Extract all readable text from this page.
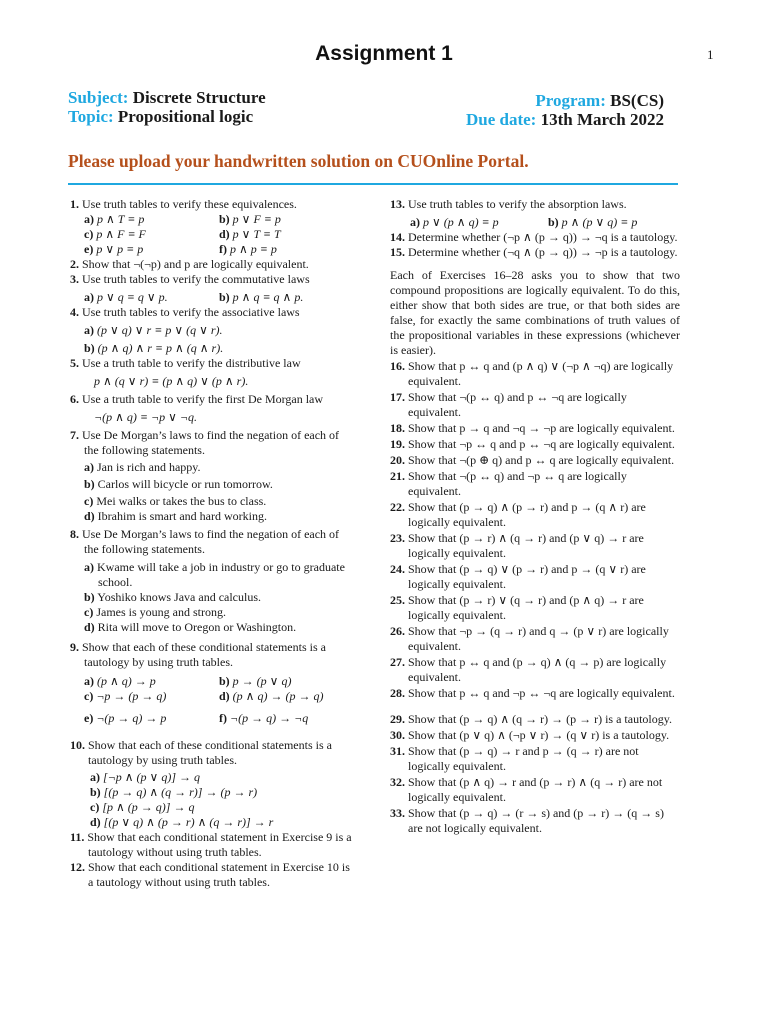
Assignment 1	1
Subject: Discrete Structure
Topic: Propositional logic
Program: BS(CS)
Due date: 13th March 2022
Please upload your handwritten solution on CUOnline Portal.
1. Use truth tables to verify these equivalences.
a) p ∧ T ≡ p	b) p ∨ F ≡ p
c) p ∧ F ≡ F	d) p ∨ T ≡ T
e) p ∨ p ≡ p	f) p ∧ p ≡ p
2. Show that ¬(¬p) and p are logically equivalent.
3. Use truth tables to verify the commutative laws
a) p ∨ q ≡ q ∨ p.	b) p ∧ q ≡ q ∧ p.
4. Use truth tables to verify the associative laws
a) (p ∨ q) ∨ r ≡ p ∨ (q ∨ r).
b) (p ∧ q) ∧ r ≡ p ∧ (q ∧ r).
5. Use a truth table to verify the distributive law
p ∧ (q ∨ r) ≡ (p ∧ q) ∨ (p ∧ r).
6. Use a truth table to verify the first De Morgan law
¬(p ∧ q) ≡ ¬p ∨ ¬q.
7. Use De Morgan’s laws to find the negation of each of the following statements.
a) Jan is rich and happy.
b) Carlos will bicycle or run tomorrow.
c) Mei walks or takes the bus to class.
d) Ibrahim is smart and hard working.
8. Use De Morgan’s laws to find the negation of each of the following statements.
a) Kwame will take a job in industry or go to graduate school.
b) Yoshiko knows Java and calculus.
c) James is young and strong.
d) Rita will move to Oregon or Washington.
9. Show that each of these conditional statements is a tautology by using truth tables.
a) (p ∧ q) → p	b) p → (p ∨ q)
c) ¬p → (p → q)	d) (p ∧ q) → (p → q)
e) ¬(p → q) → p	f) ¬(p → q) → ¬q
10. Show that each of these conditional statements is a tautology by using truth tables.
a) [¬p ∧ (p ∨ q)] → q
b) [(p → q) ∧ (q → r)] → (p → r)
c) [p ∧ (p → q)] → q
d) [(p ∨ q) ∧ (p → r) ∧ (q → r)] → r
11. Show that each conditional statement in Exercise 9 is a tautology without using truth tables.
12. Show that each conditional statement in Exercise 10 is a tautology without using truth tables.
13. Use truth tables to verify the absorption laws.
a) p ∨ (p ∧ q) ≡ p	b) p ∧ (p ∨ q) ≡ p
14. Determine whether (¬p ∧ (p → q)) → ¬q is a tautology.
15. Determine whether (¬q ∧ (p → q)) → ¬p is a tautology.
Each of Exercises 16–28 asks you to show that two compound propositions are logically equivalent. To do this, either show that both sides are true, or that both sides are false, for exactly the same combinations of truth values of the propositional variables in these expressions (whichever is easier).
16. Show that p ↔ q and (p ∧ q) ∨ (¬p ∧ ¬q) are logically equivalent.
17. Show that ¬(p ↔ q) and p ↔ ¬q are logically equivalent.
18. Show that p → q and ¬q → ¬p are logically equivalent.
19. Show that ¬p ↔ q and p ↔ ¬q are logically equivalent.
20. Show that ¬(p ⊕ q) and p ↔ q are logically equivalent.
21. Show that ¬(p ↔ q) and ¬p ↔ q are logically equivalent.
22. Show that (p → q) ∧ (p → r) and p → (q ∧ r) are logically equivalent.
23. Show that (p → r) ∧ (q → r) and (p ∨ q) → r are logically equivalent.
24. Show that (p → q) ∨ (p → r) and p → (q ∨ r) are logically equivalent.
25. Show that (p → r) ∨ (q → r) and (p ∧ q) → r are logically equivalent.
26. Show that ¬p → (q → r) and q → (p ∨ r) are logically equivalent.
27. Show that p ↔ q and (p → q) ∧ (q → p) are logically equivalent.
28. Show that p ↔ q and ¬p ↔ ¬q are logically equivalent.
29. Show that (p → q) ∧ (q → r) → (p → r) is a tautology.
30. Show that (p ∨ q) ∧ (¬p ∨ r) → (q ∨ r) is a tautology.
31. Show that (p → q) → r and p → (q → r) are not logically equivalent.
32. Show that (p ∧ q) → r and (p → r) ∧ (q → r) are not logically equivalent.
33. Show that (p → q) → (r → s) and (p → r) → (q → s) are not logically equivalent.
